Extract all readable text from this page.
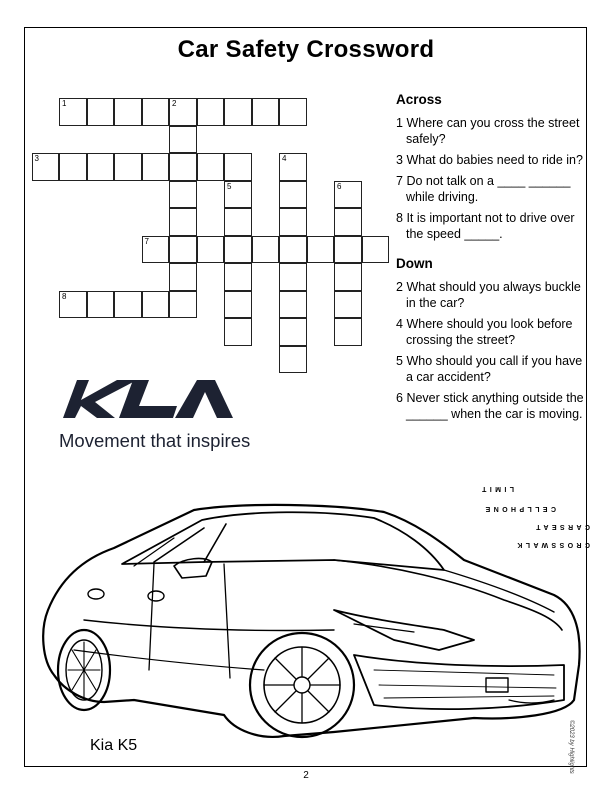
Car Safety Crossword
1	2
3
7
8
4
5	6
Across
1 Where can you cross the street safely?
3 What do babies need to ride in?
7 Do not talk on a ____ ______ while driving.
8 It is important not to drive over the speed _____.
Down
2 What should you always buckle in the car?
4 Where should you look before crossing the street?
5 Who should you call if you have a car accident?
6 Never stick anything outside the ______ when the car is moving.
Movement that inspires
CROSSWALK
CARSEAT
CELLPHONE
LIMIT
Kia K5	©2023 by Highlights
2
